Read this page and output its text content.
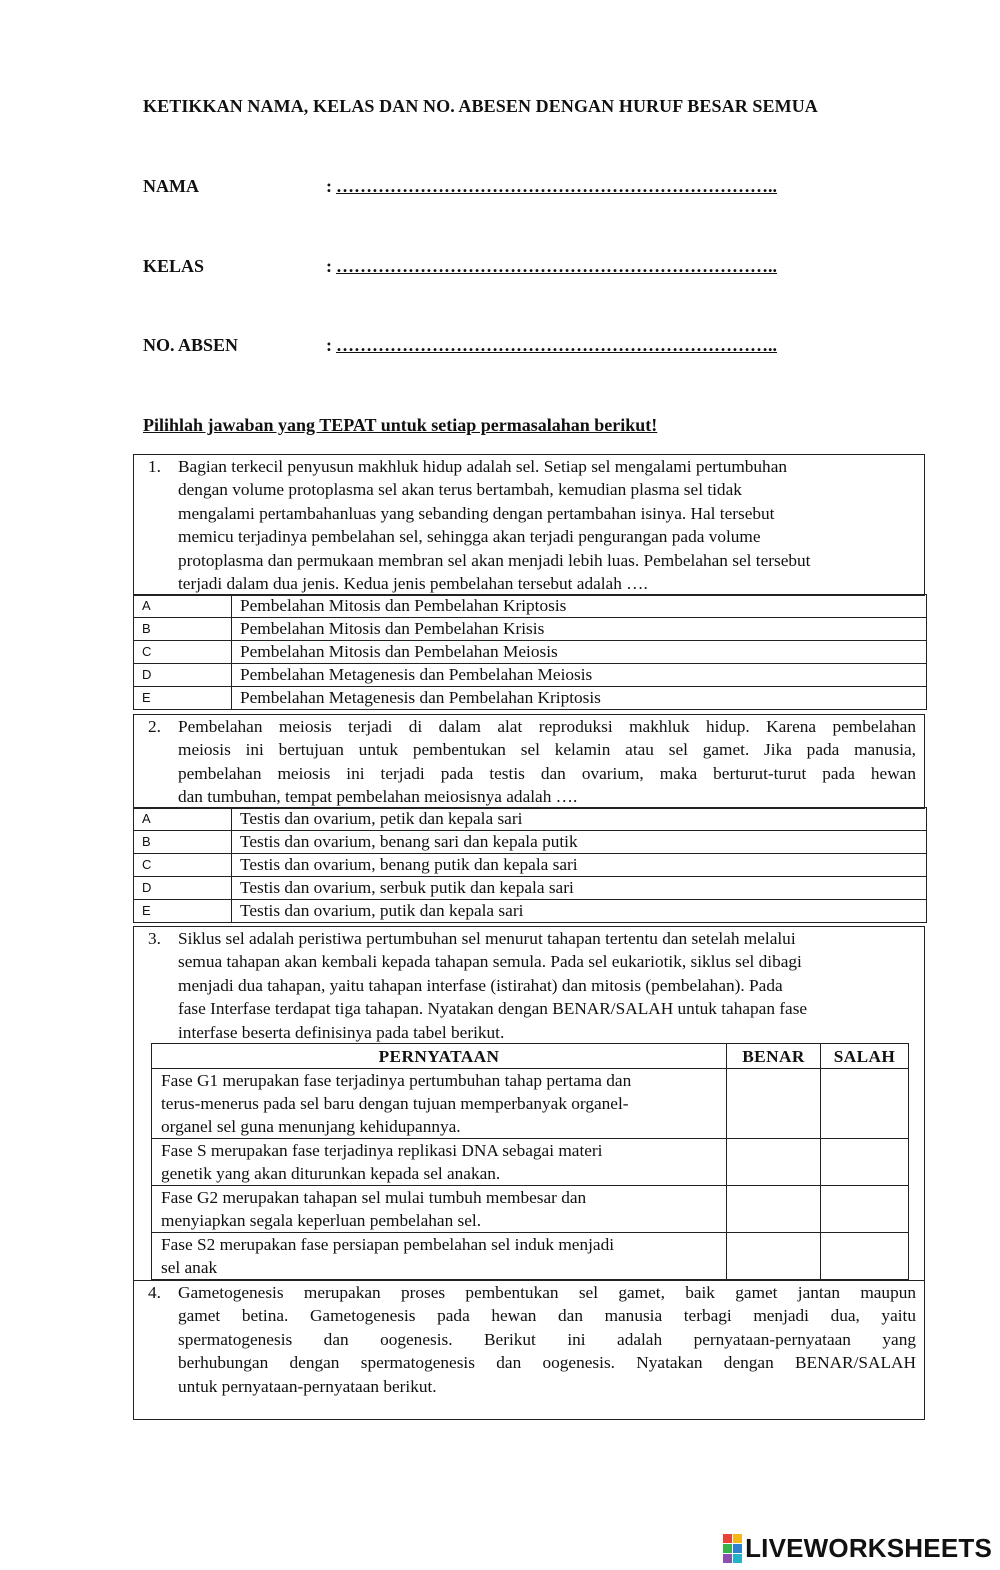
KETIKKAN NAMA, KELAS DAN NO. ABESEN DENGAN HURUF BESAR SEMUA
NAMA	: ………………………………………………………………..
KELAS	: ………………………………………………………………..
NO. ABSEN	: ………………………………………………………………..
Pilihlah jawaban yang TEPAT untuk setiap permasalahan berikut!
1. Bagian terkecil penyusun makhluk hidup adalah sel. Setiap sel mengalami pertumbuhan
dengan volume protoplasma sel akan terus bertambah, kemudian plasma sel tidak
mengalami pertambahanluas yang sebanding dengan pertambahan isinya. Hal tersebut
memicu terjadinya pembelahan sel, sehingga akan terjadi pengurangan pada volume
protoplasma dan permukaan membran sel akan menjadi lebih luas. Pembelahan sel tersebut
terjadi dalam dua jenis. Kedua jenis pembelahan tersebut adalah ….
A	Pembelahan Mitosis dan Pembelahan Kriptosis
B	Pembelahan Mitosis dan Pembelahan Krisis
C	Pembelahan Mitosis dan Pembelahan Meiosis
D	Pembelahan Metagenesis dan Pembelahan Meiosis
E	Pembelahan Metagenesis dan Pembelahan Kriptosis
2. Pembelahan meiosis terjadi di dalam alat reproduksi makhluk hidup. Karena pembelahan
meiosis ini bertujuan untuk pembentukan sel kelamin atau sel gamet. Jika pada manusia,
pembelahan meiosis ini terjadi pada testis dan ovarium, maka berturut-turut pada hewan
dan tumbuhan, tempat pembelahan meiosisnya adalah ….
A	Testis dan ovarium, petik dan kepala sari
B	Testis dan ovarium, benang sari dan kepala putik
C	Testis dan ovarium, benang putik dan kepala sari
D	Testis dan ovarium, serbuk putik dan kepala sari
E	Testis dan ovarium, putik dan kepala sari
3. Siklus sel adalah peristiwa pertumbuhan sel menurut tahapan tertentu dan setelah melalui
semua tahapan akan kembali kepada tahapan semula. Pada sel eukariotik, siklus sel dibagi
menjadi dua tahapan, yaitu tahapan interfase (istirahat) dan mitosis (pembelahan). Pada
fase Interfase terdapat tiga tahapan. Nyatakan dengan BENAR/SALAH untuk tahapan fase
interfase beserta definisinya pada tabel berikut.
PERNYATAAN	BENAR	SALAH

Fase G1 merupakan fase terjadinya pertumbuhan tahap pertama dan
terus-menerus pada sel baru dengan tujuan memperbanyak organel-
organel sel guna menunjang kehidupannya.		

Fase S merupakan fase terjadinya replikasi DNA sebagai materi
genetik yang akan diturunkan kepada sel anakan.		

Fase G2 merupakan tahapan sel mulai tumbuh membesar dan
menyiapkan segala keperluan pembelahan sel.		

Fase S2 merupakan fase persiapan pembelahan sel induk menjadi
sel anak		

4. Gametogenesis merupakan proses pembentukan sel gamet, baik gamet jantan maupun
gamet betina. Gametogenesis pada hewan dan manusia terbagi menjadi dua, yaitu
spermatogenesis dan oogenesis. Berikut ini adalah pernyataan-pernyataan yang
berhubungan dengan spermatogenesis dan oogenesis. Nyatakan dengan BENAR/SALAH
untuk pernyataan-pernyataan berikut.
LIVEWORKSHEETS
